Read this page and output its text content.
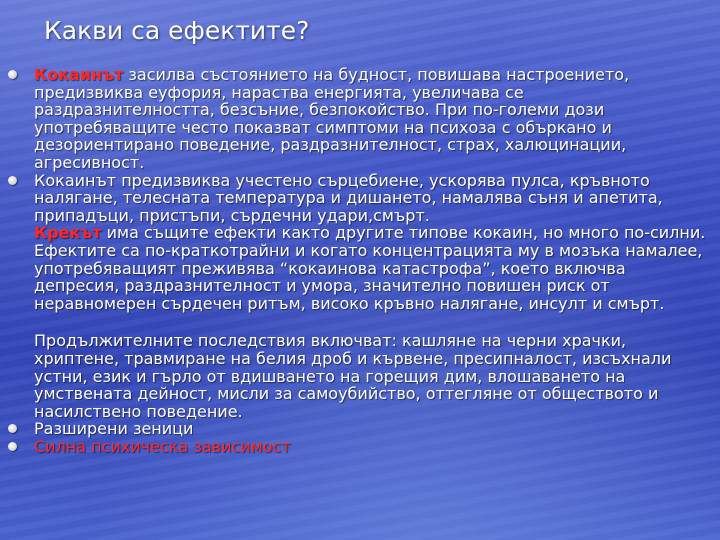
Какви са ефектите?
Кокаинът засилва състоянието на будност, повишава настроението, предизвиква еуфория, нараства енергията, увеличава се раздразнителността, безсъние, безпокойство. При по-големи дози употребяващите често показват симптоми на психоза с объркано и дезориентирано поведение, раздразнителност, страх, халюцинации, агресивност.
Кокаинът предизвиква учестено сърцебиене, ускорява пулса, кръвното налягане, телесната температура и дишането, намалява съня и апетита, припадъци, пристъпи, сърдечни удари,смърт.
Крекът има същите ефекти както другите типове кокаин, но много по-силни. Ефектите са по-краткотрайни и когато концентрацията му в мозъка намалее, употребяващият преживява “кокаинова катастрофа”, което включва депресия, раздразнителност и умора, значително повишен риск от неравномерен сърдечен ритъм, високо кръвно налягане, инсулт и смърт.
Продължителните последствия включват: кашляне на черни храчки, хриптене, травмиране на белия дроб и кървене, пресипналост, изсъхнали устни, език и гърло от вдишването на горещия дим, влошаването на умствената дейност, мисли за самоубийство, оттегляне от обществото и насилствено поведение.
Разширени зеници
Силна психическа зависимост
